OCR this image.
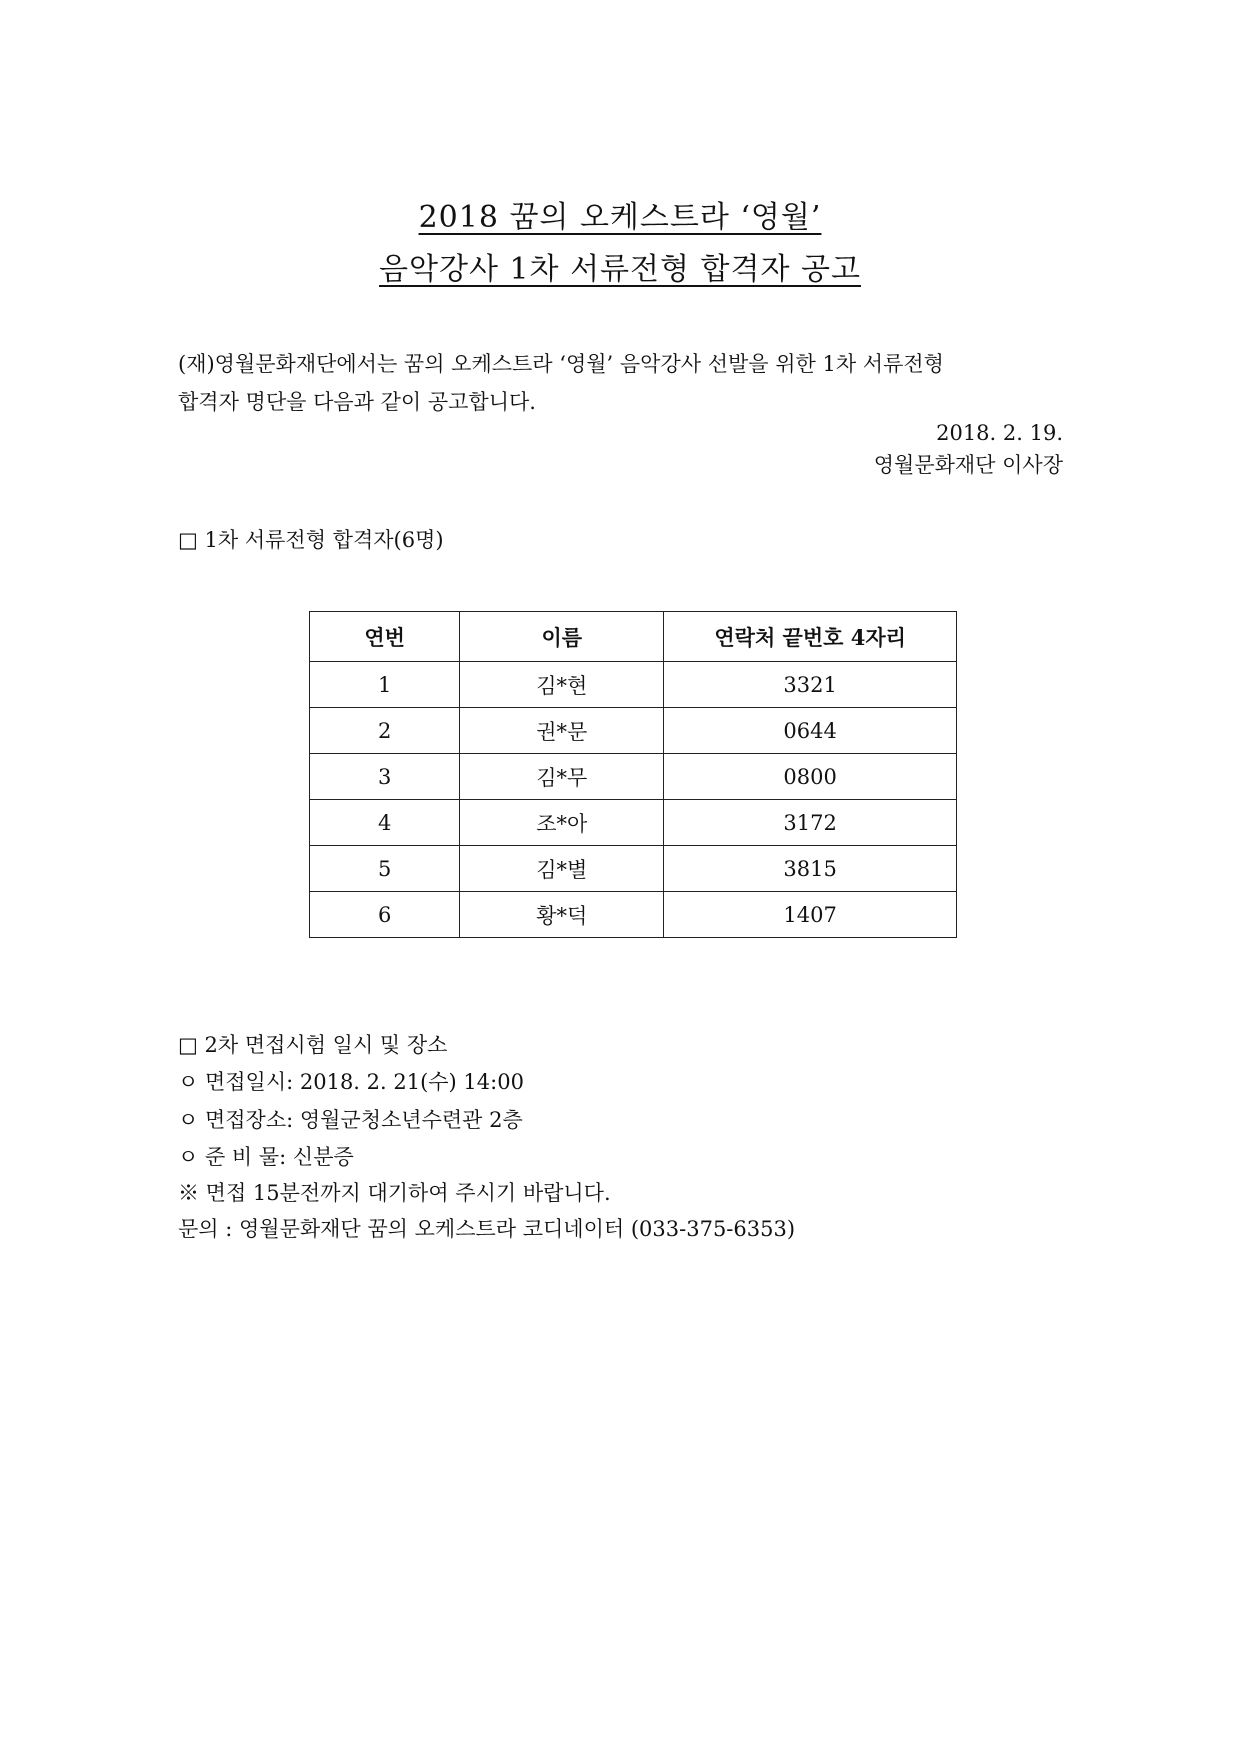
2018 꿈의 오케스트라 ‘영월’
음악강사 1차 서류전형 합격자 공고
(재)영월문화재단에서는 꿈의 오케스트라 ‘영월’ 음악강사 선발을 위한 1차 서류전형
합격자 명단을 다음과 같이 공고합니다.
2018. 2. 19.
영월문화재단 이사장
□ 1차 서류전형 합격자(6명)
연번	이름	연락처 끝번호 4자리
1	김*현	3321
2	권*문	0644
3	김*무	0800
4	조*아	3172
5	김*별	3815
6	황*덕	1407
□ 2차 면접시험 일시 및 장소
ㅇ 면접일시: 2018. 2. 21(수) 14:00
ㅇ 면접장소: 영월군청소년수련관 2층
ㅇ 준 비 물: 신분증
※ 면접 15분전까지 대기하여 주시기 바랍니다.
문의 : 영월문화재단 꿈의 오케스트라 코디네이터 (033-375-6353)
